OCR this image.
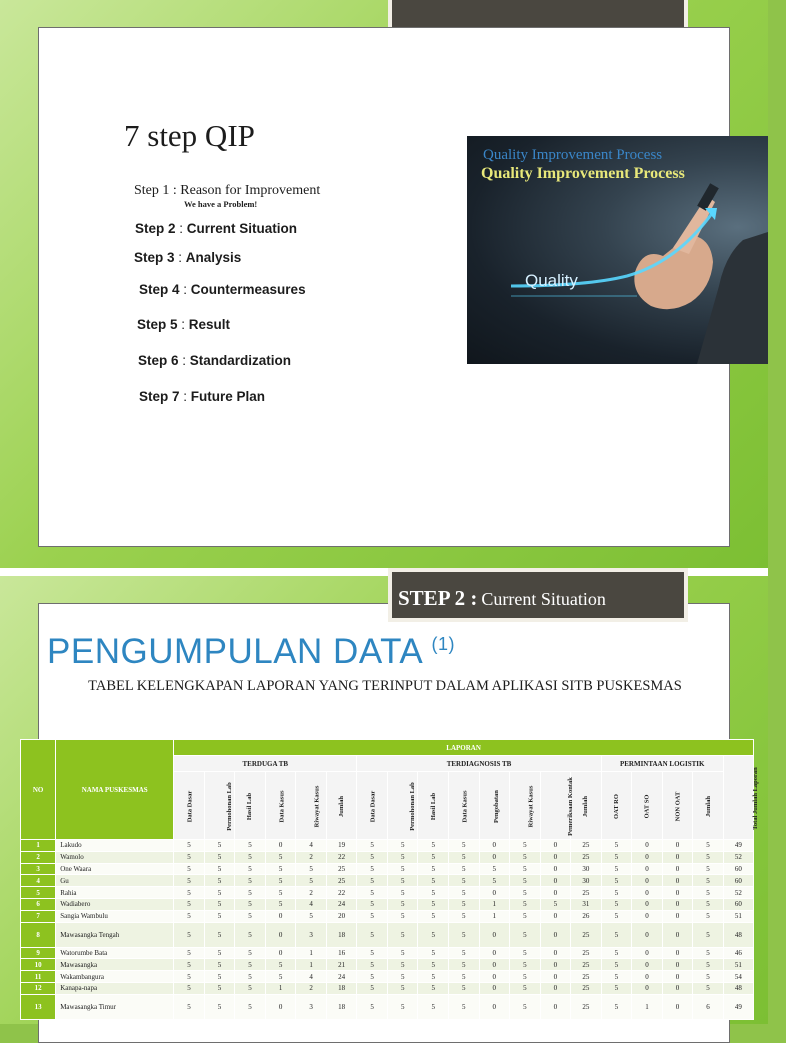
7 step QIP
Step 1 : Reason for Improvement
We have a Problem!
Step 2 : Current Situation
Step 3 : Analysis
Step 4 : Countermeasures
Step 5 : Result
Step 6 : Standardization
Step 7 : Future Plan
Quality Improvement Process
Quality Improvement Process
Quality
STEP 2 : Current Situation
PENGUMPULAN DATA $^{(1)}$
TABEL KELENGKAPAN LAPORAN YANG TERINPUT DALAM APLIKASI SITB PUSKESMAS
NO	NAMA PUSKESMAS	LAPORAN																		
		TERDUGA TB						TERDIAGNOSIS TB								PERMINTAAN LOGISTIK				Total Jumlah Laporan
		Data Dasar	Permohonan Lab	Hasil Lab	Data Kasus	Riwayat Kasus	Jumlah	Data Dasar	Permohonan Lab	Hasil Lab	Data Kasus	Pengobatan	Riwayat Kasus	Pemeriksaan Kontak	Jumlah	OAT RO	OAT SO	NON OAT	Jumlah	
1	Lakudo	5	5	5	0	4	19	5	5	5	5	0	5	0	25	5	0	0	5	49
2	Wamolo	5	5	5	5	2	22	5	5	5	5	0	5	0	25	5	0	0	5	52
3	One Waara	5	5	5	5	5	25	5	5	5	5	5	5	0	30	5	0	0	5	60
4	Gu	5	5	5	5	5	25	5	5	5	5	5	5	0	30	5	0	0	5	60
5	Rahia	5	5	5	5	2	22	5	5	5	5	0	5	0	25	5	0	0	5	52
6	Wadiabero	5	5	5	5	4	24	5	5	5	5	1	5	5	31	5	0	0	5	60
7	Sangia Wambulu	5	5	5	0	5	20	5	5	5	5	1	5	0	26	5	0	0	5	51
8	Mawasangka Tengah	5	5	5	0	3	18	5	5	5	5	0	5	0	25	5	0	0	5	48
9	Watorumbe Bata	5	5	5	0	1	16	5	5	5	5	0	5	0	25	5	0	0	5	46
10	Mawasangka	5	5	5	5	1	21	5	5	5	5	0	5	0	25	5	0	0	5	51
11	Wakambangura	5	5	5	5	4	24	5	5	5	5	0	5	0	25	5	0	0	5	54
12	Kanapa-napa	5	5	5	1	2	18	5	5	5	5	0	5	0	25	5	0	0	5	48
13	Mawasangka Timur	5	5	5	0	3	18	5	5	5	5	0	5	0	25	5	1	0	6	49
